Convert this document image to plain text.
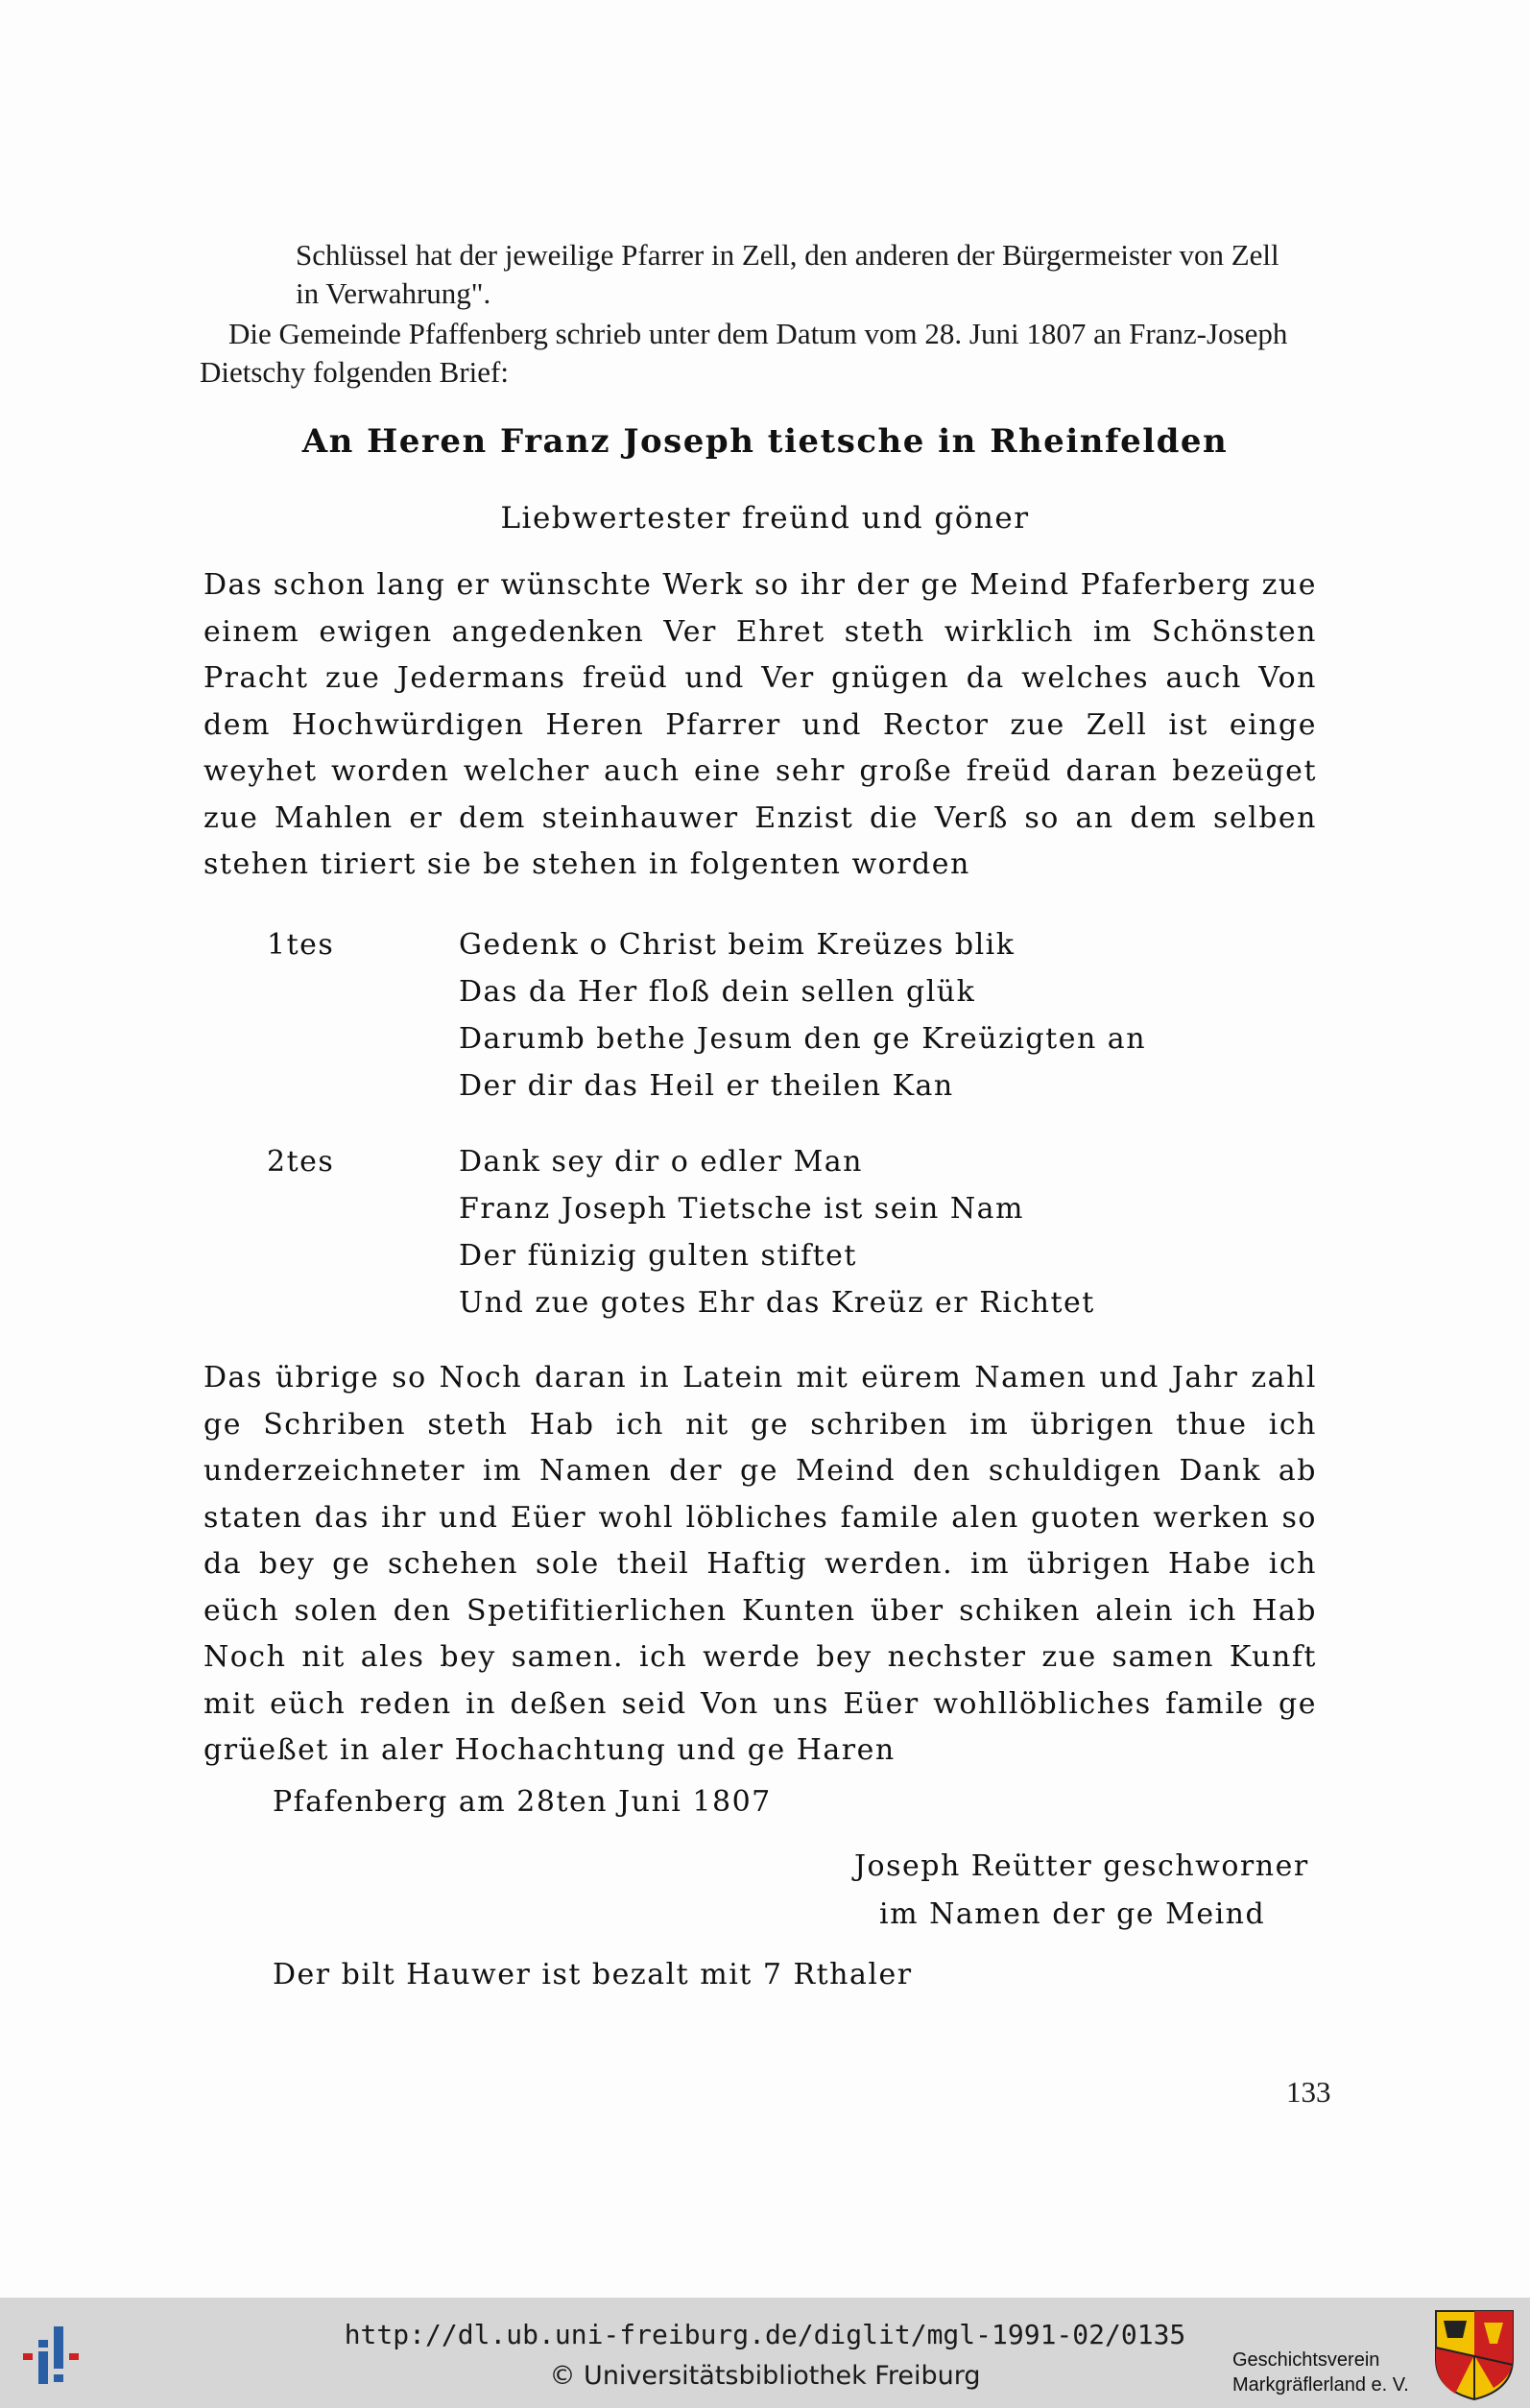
Schlüssel hat der jeweilige Pfarrer in Zell, den anderen der Bürgermeister von Zell

in Verwahrung".

Die Gemeinde Pfaffenberg schrieb unter dem Datum vom 28. Juni 1807 an Franz-Joseph

Dietschy folgenden Brief:

An Heren Franz Joseph tietsche in Rheinfelden
Liebwertester freünd und göner

Das schon lang er wünschte Werk so ihr der ge Meind Pfaferberg zue einem ewigen angedenken Ver Ehret steth wirklich im Schönsten Pracht zue Jedermans freüd und Ver gnügen da welches auch Von dem Hochwürdigen Heren Pfarrer und Rector zue Zell ist einge weyhet worden welcher auch eine sehr große freüd daran bezeüget zue Mahlen er dem steinhauwer Enzist die Verß so an dem selben stehen tiriert sie be stehen in folgenten worden

1tes	Gedenk o Christ beim Kreüzes blik
Das da Her floß dein sellen glük
Darumb bethe Jesum den ge Kreüzigten an
Der dir das Heil er theilen Kan
2tes	Dank sey dir o edler Man
Franz Joseph Tietsche ist sein Nam
Der fünizig gulten stiftet
Und zue gotes Ehr das Kreüz er Richtet

Das übrige so Noch daran in Latein mit eürem Namen und Jahr zahl ge Schriben steth Hab ich nit ge schriben im übrigen thue ich underzeichneter im Namen der ge Meind den schuldigen Dank ab staten das ihr und Eüer wohl löbliches famile alen guoten werken so da bey ge schehen sole theil Haftig werden. im übrigen Habe ich eüch solen den Spetifitierlichen Kunten über schiken alein ich Hab Noch nit ales bey samen. ich werde bey nechster zue samen Kunft mit eüch reden in deßen seid Von uns Eüer wohllöbliches famile ge grüeßet in aler Hochachtung und ge Haren

Pfafenberg am 28ten Juni 1807
Joseph Reütter geschworner
im Namen der ge Meind
Der bilt Hauwer ist bezalt mit 7 Rthaler
133
http://dl.ub.uni-freiburg.de/diglit/mgl-1991-02/0135
© Universitätsbibliothek Freiburg
Geschichtsverein
Markgräflerland e. V.
